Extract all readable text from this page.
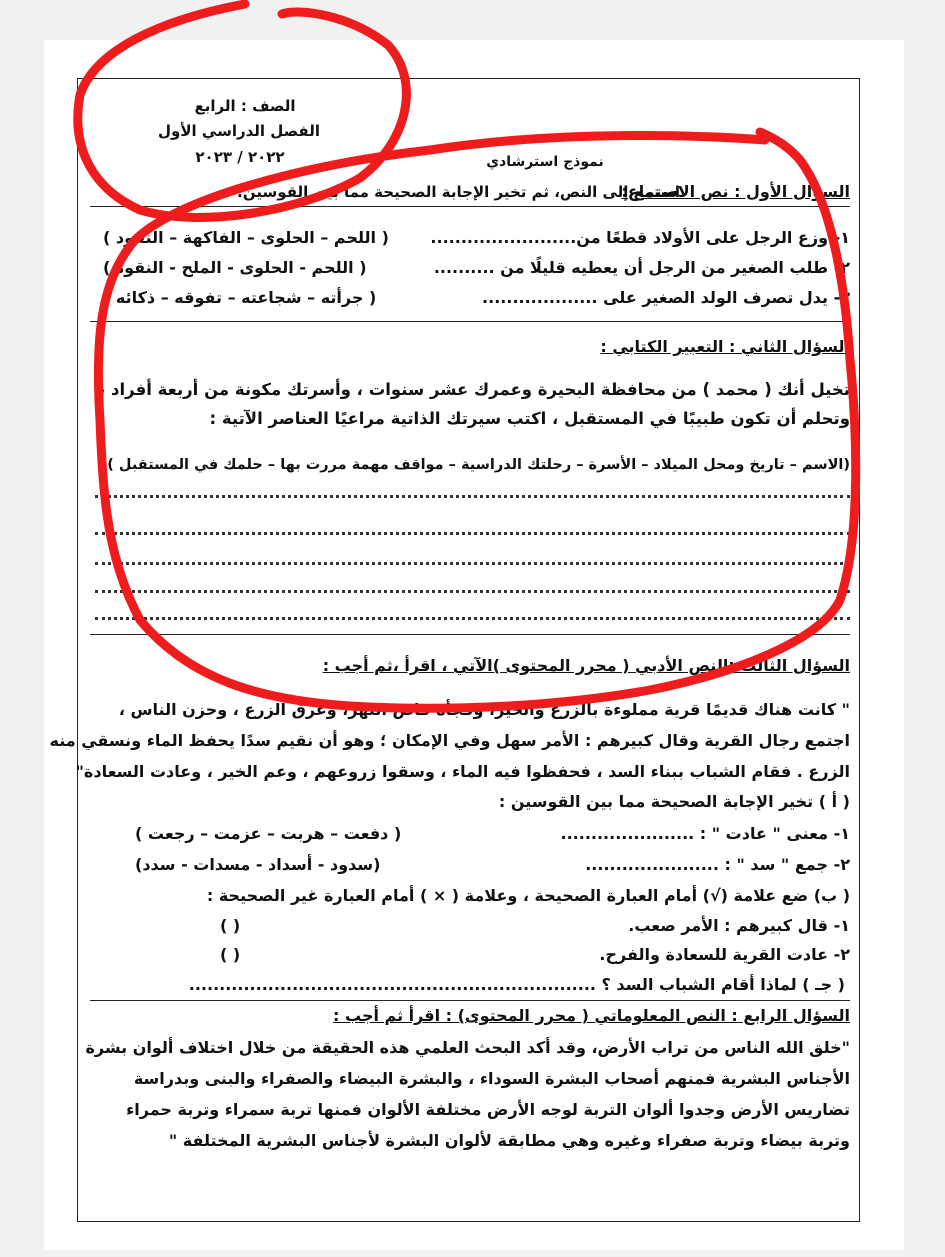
الصف : الرابع
الفصل الدراسي الأول
٢٠٢٢ / ٢٠٢٣	نموذج استرشادي
السؤال الأول : نص الاستماع:
استمع إلى النص، ثم تخير الإجابة الصحيحة مما بين القوسين:
١- وزع الرجل على الأولاد قطعًا من........................
( اللحم – الحلوى – الفاكهة – النقود )
٢- طلب الصغير من الرجل أن يعطيه قليلًا من ..........
( اللحم - الحلوى - الملح - النقود )
٣- يدل تصرف الولد الصغير على ...................
( جرأته – شجاعته – تفوقه – ذكائه )
السؤال الثاني : التعبير الكتابي :
تخيل أنك ( محمد ) من محافظة البحيرة وعمرك عشر سنوات ، وأسرتك مكونة من أربعة أفراد ،
وتحلم أن تكون طبيبًا في المستقبل ، اكتب سيرتك الذاتية مراعيًا العناصر الآتية :
(الاسم – تاريخ ومحل الميلاد – الأسرة – رحلتك الدراسية – مواقف مهمة مررت بها – حلمك في المستقبل )
السؤال الثالث :النص الأدبي ( محرر المحتوى )الآتي ، اقرأ ،ثم أجب :
" كانت هناك قديمًا قرية مملوءة بالزرع والخير، وفجأة فاض النهر، وغرق الزرع ، وحزن الناس ،
اجتمع رجال القرية وقال كبيرهم : الأمر سهل وفي الإمكان ؛ وهو أن نقيم سدًا يحفظ الماء ونسقي منه
الزرع . فقام الشباب ببناء السد ، فحفظوا فيه الماء ، وسقوا زروعهم ، وعم الخير ، وعادت السعادة"
( أ ) تخير الإجابة الصحيحة مما بين القوسين :
١- معنى " عادت " : ......................
( دفعت – هربت – عزمت – رجعت )
٢- جمع " سد " : ......................
(سدود - أسداد - مسدات - سدد)
( ب) ضع علامة (√) أمام العبارة الصحيحة ، وعلامة ( × ) أمام العبارة غير الصحيحة :
١- قال كبيرهم : الأمر صعب.
( )
٢- عادت القرية للسعادة والفرح.
( )
( جـ ) لماذا أقام الشباب السد ؟ ...................................................................
السؤال الرابع : النص المعلوماتي ( محرر المحتوى) : اقرأ ثم أجب :
"خلق الله الناس من تراب الأرض، وقد أكد البحث العلمي هذه الحقيقة من خلال اختلاف ألوان بشرة
الأجناس البشرية فمنهم أصحاب البشرة السوداء ، والبشرة البيضاء والصفراء والبنى وبدراسة
تضاريس الأرض وجدوا ألوان التربة لوجه الأرض مختلفة الألوان فمنها تربة سمراء وتربة حمراء
وتربة بيضاء وتربة صفراء وغيره وهي مطابقة لألوان البشرة لأجناس البشرية المختلفة "
